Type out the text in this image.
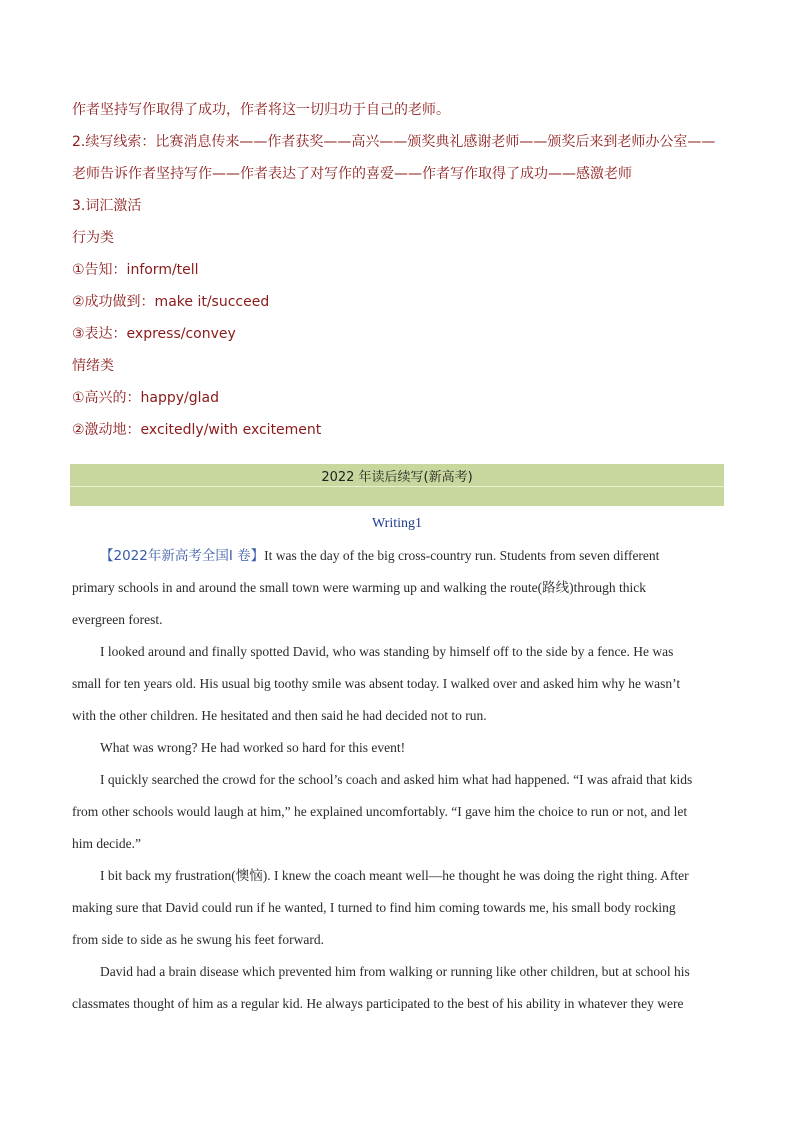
作者坚持写作取得了成功，作者将这一切归功于自己的老师。
2.续写线索：比赛消息传来——作者获奖——高兴——颁奖典礼感谢老师——颁奖后来到老师办公室——
老师告诉作者坚持写作——作者表达了对写作的喜爱——作者写作取得了成功——感激老师
3.词汇激活
行为类
①告知：inform/tell
②成功做到：make it/succeed
③表达：express/convey
情绪类
①高兴的：happy/glad
②激动地：excitedly/with excitement
2022 年读后续写(新高考)
Writing1
【2022年新高考全国Ⅰ 卷】It was the day of the big cross-country run. Students from seven different
primary schools in and around the small town were warming up and walking the route(路线)through thick
evergreen forest.
I looked around and finally spotted David, who was standing by himself off to the side by a fence. He was
small for ten years old. His usual big toothy smile was absent today. I walked over and asked him why he wasn’t
with the other children. He hesitated and then said he had decided not to run.
What was wrong? He had worked so hard for this event!
I quickly searched the crowd for the school’s coach and asked him what had happened. “I was afraid that kids
from other schools would laugh at him,” he explained uncomfortably. “I gave him the choice to run or not, and let
him decide.”
I bit back my frustration(懊恼). I knew the coach meant well—he thought he was doing the right thing. After
making sure that David could run if he wanted, I turned to find him coming towards me, his small body rocking
from side to side as he swung his feet forward.
David had a brain disease which prevented him from walking or running like other children, but at school his
classmates thought of him as a regular kid. He always participated to the best of his ability in whatever they were
